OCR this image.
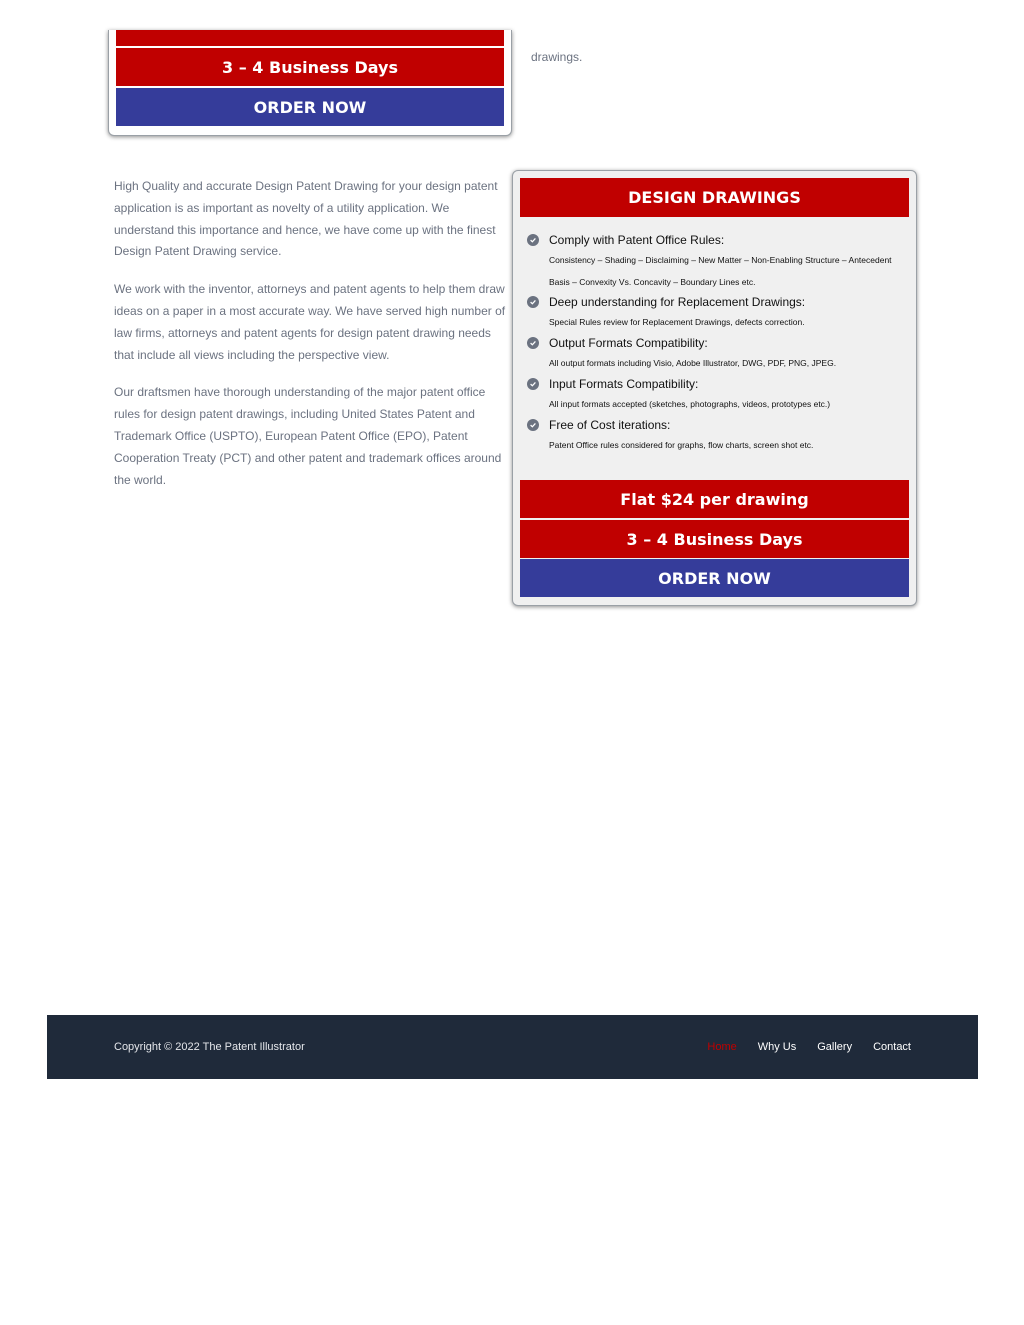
3 – 4 Business Days
ORDER NOW
drawings.

High Quality and accurate Design Patent Drawing for your design patent application is as important as novelty of a utility application. We understand this importance and hence, we have come up with the finest Design Patent Drawing service.

We work with the inventor, attorneys and patent agents to help them draw ideas on a paper in a most accurate way. We have served high number of law firms, attorneys and patent agents for design patent drawing needs that include all views including the perspective view.

Our draftsmen have thorough understanding of the major patent office rules for design patent drawings, including United States Patent and Trademark Office (USPTO), European Patent Office (EPO), Patent Cooperation Treaty (PCT) and other patent and trademark offices around the world.

DESIGN DRAWINGS
Comply with Patent Office Rules:
Consistency – Shading – Disclaiming – New Matter – Non-Enabling Structure – Antecedent Basis – Convexity Vs. Concavity – Boundary Lines etc.
Deep understanding for Replacement Drawings:
Special Rules review for Replacement Drawings, defects correction.
Output Formats Compatibility:
All output formats including Visio, Adobe Illustrator, DWG, PDF, PNG, JPEG.
Input Formats Compatibility:
All input formats accepted (sketches, photographs, videos, prototypes etc.)
Free of Cost iterations:
Patent Office rules considered for graphs, flow charts, screen shot etc.
Flat $24 per drawing
3 – 4 Business Days
ORDER NOW
Copyright © 2022 The Patent Illustrator	Home Why Us Gallery Contact
